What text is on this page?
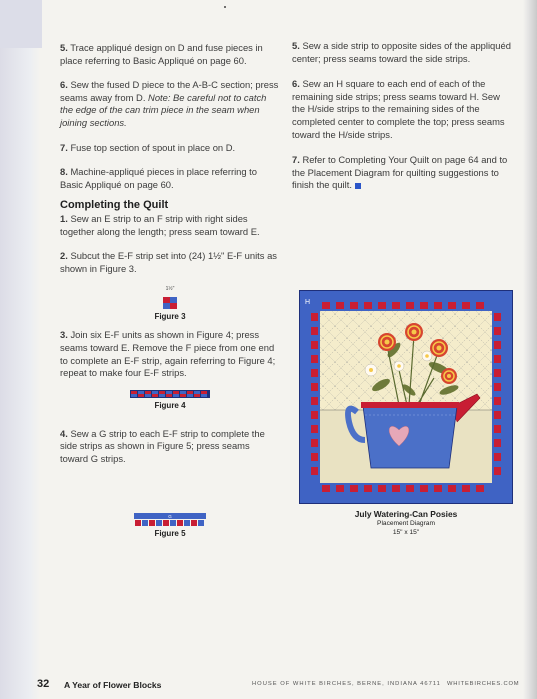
5. Trace appliqué design on D and fuse pieces in place referring to Basic Appliqué on page 60.

6. Sew the fused D piece to the A-B-C section; press seams away from D. Note: Be careful not to catch the edge of the can trim piece in the seam when joining sections.

7. Fuse top section of spout in place on D.

8. Machine-appliqué pieces in place referring to Basic Appliqué on page 60.

Completing the Quilt

1. Sew an E strip to an F strip with right sides together along the length; press seam toward E.

2. Subcut the E-F strip set into (24) 1½" E-F units as shown in Figure 3.

1½"
Figure 3

3. Join six E-F units as shown in Figure 4; press seams toward E. Remove the F piece from one end to complete an E-F strip, again referring to Figure 4; repeat to make four E-F strips.

Figure 4

4. Sew a G strip to each E-F strip to complete the side strips as shown in Figure 5; press seams toward G strips.

G
Figure 5

5. Sew a side strip to opposite sides of the appliquéd center; press seams toward the side strips.

6. Sew an H square to each end of each of the remaining side strips; press seams toward H. Sew the H/side strips to the remaining sides of the completed center to complete the top; press seams toward the H/side strips.

7. Refer to Completing Your Quilt on page 64 and to the Placement Diagram for quilting suggestions to finish the quilt.

H
July Watering-Can Posies
Placement Diagram
15" x 15"
32 A Year of Flower Blocks	HOUSE OF WHITE BIRCHES, BERNE, INDIANA 46711 WHITEBIRCHES.COM
